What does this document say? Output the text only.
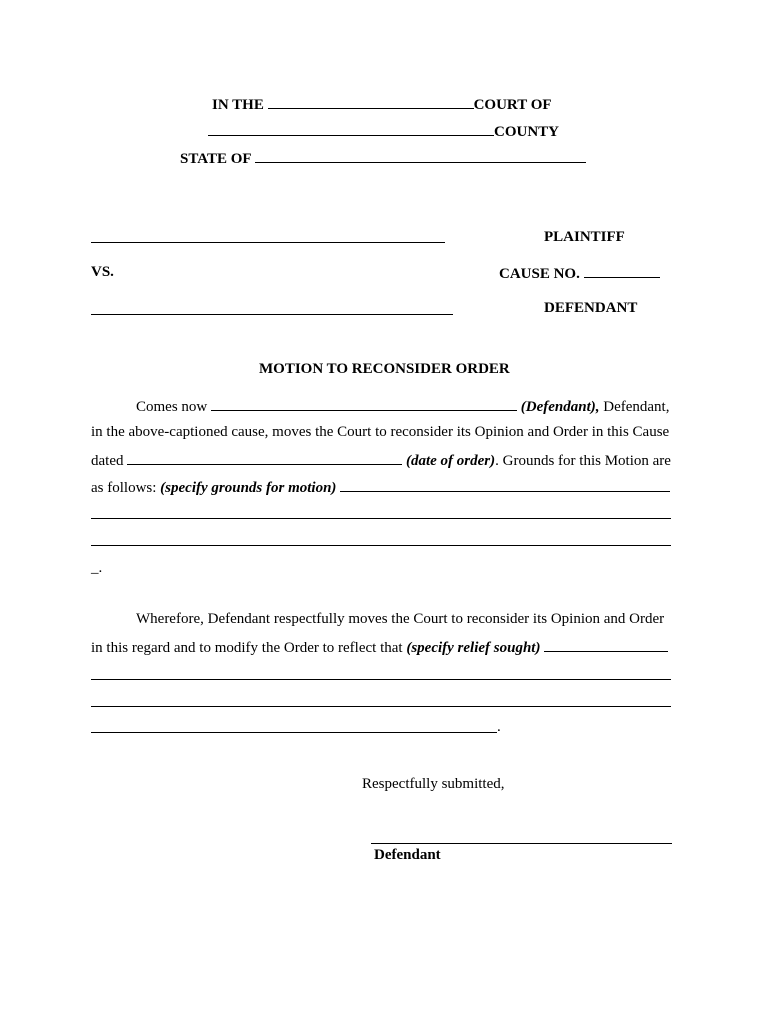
IN THE	COURT OF
COUNTY
STATE OF
PLAINTIFF
VS.	CAUSE NO.
DEFENDANT
MOTION TO RECONSIDER ORDER
Comes now	(Defendant), Defendant,
in the above-captioned cause, moves the Court to reconsider its Opinion and Order in this Cause
dated	(date of order). Grounds for this Motion are
as follows: (specify grounds for motion)
_.
Wherefore, Defendant respectfully moves the Court to reconsider its Opinion and Order
in this regard and to modify the Order to reflect that (specify relief sought)
.
Respectfully submitted,
Defendant
